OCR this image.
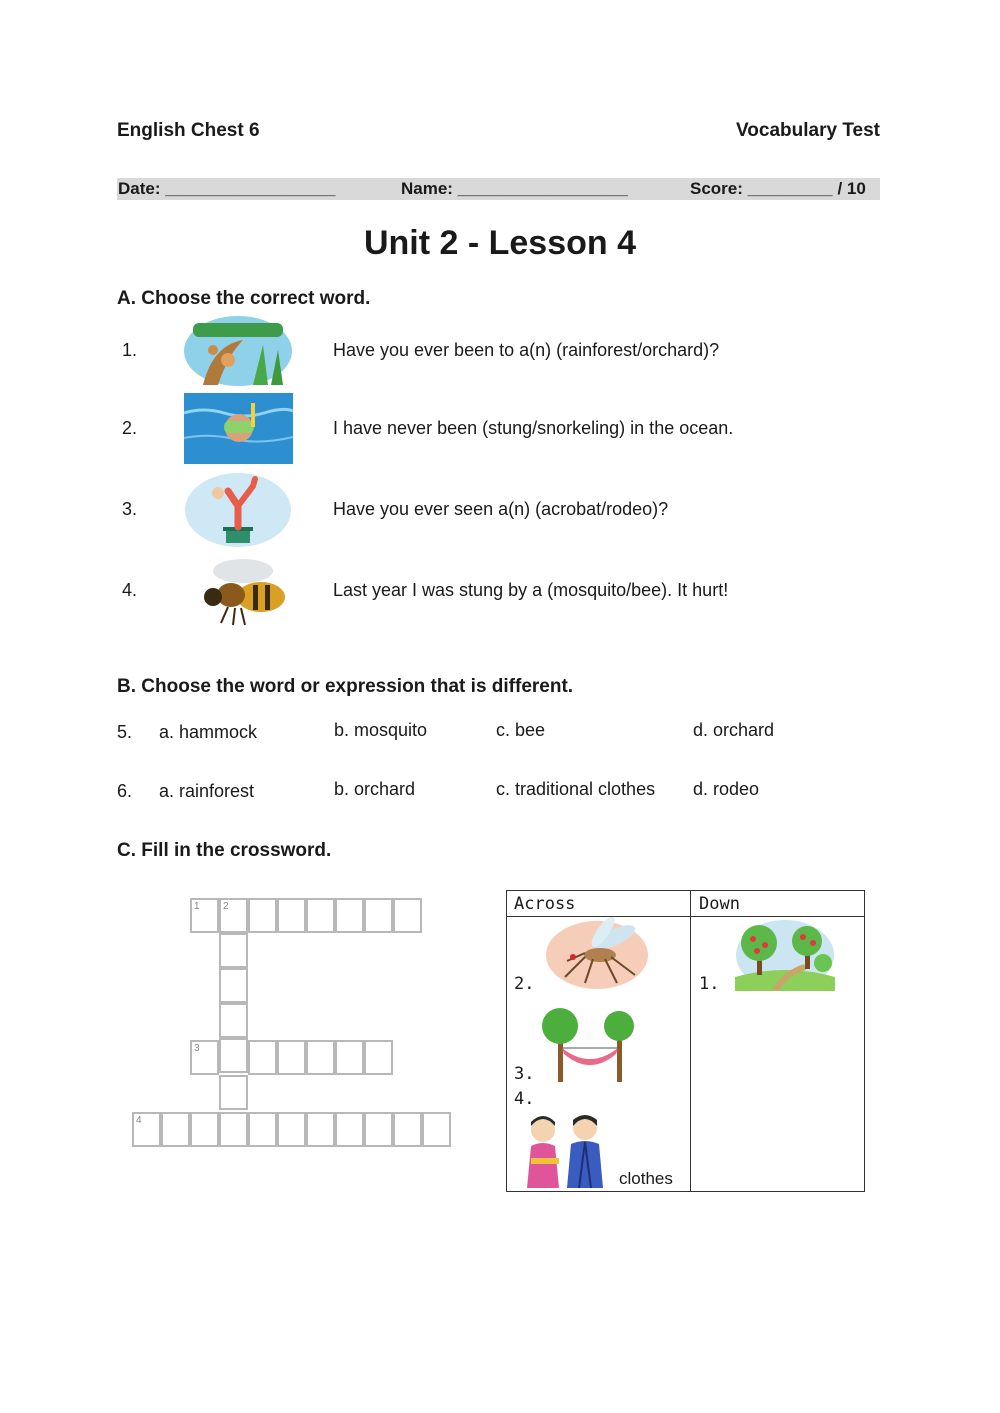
English Chest 6	Vocabulary Test
Date: __________________	Name: __________________	Score: _________ / 10
Unit 2 - Lesson 4
A. Choose the correct word.
1.	Have you ever been to a(n) (rainforest/orchard)?
2.	I have never been (stung/snorkeling) in the ocean.
3.	Have you ever seen a(n) (acrobat/rodeo)?
4.	Last year I was stung by a (mosquito/bee). It hurt!
B. Choose the word or expression that is different.
5. a. hammock	b. mosquito	c. bee	d. orchard
6. a. rainforest	b. orchard	c. traditional clothes d. rodeo
C. Fill in the crossword.
1 2
3
4
Across	Down
2.
3.
4.
clothes
1.
